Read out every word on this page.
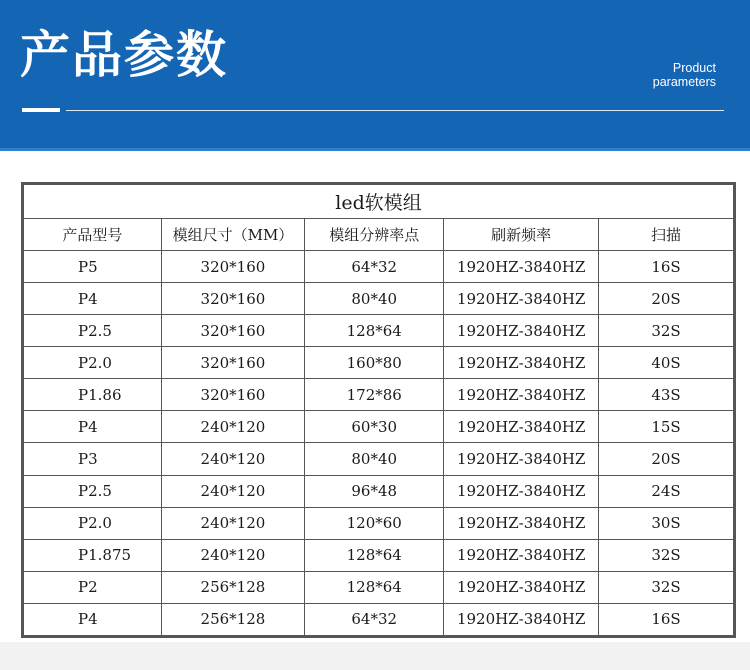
产品参数	Product
parameters
led软模组				
产品型号	模组尺寸（MM）	模组分辨率点	刷新频率	扫描
P5	320*160	64*32	1920HZ-3840HZ	16S
P4	320*160	80*40	1920HZ-3840HZ	20S
P2.5	320*160	128*64	1920HZ-3840HZ	32S
P2.0	320*160	160*80	1920HZ-3840HZ	40S
P1.86	320*160	172*86	1920HZ-3840HZ	43S
P4	240*120	60*30	1920HZ-3840HZ	15S
P3	240*120	80*40	1920HZ-3840HZ	20S
P2.5	240*120	96*48	1920HZ-3840HZ	24S
P2.0	240*120	120*60	1920HZ-3840HZ	30S
P1.875	240*120	128*64	1920HZ-3840HZ	32S
P2	256*128	128*64	1920HZ-3840HZ	32S
P4	256*128	64*32	1920HZ-3840HZ	16S
